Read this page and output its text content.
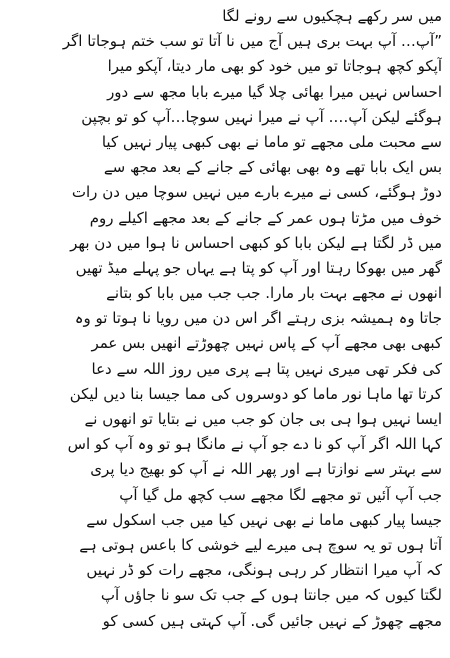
میں سر رکھے ہچکیوں سے رونے لگا
”آپ… آپ بہت بری ہیں آج میں نا آتا تو سب ختم ہوجاتا اگر
آپکو کچھ ہوجاتا تو میں خود کو بھی مار دیتا، آپکو میرا
احساس نہیں میرا بھائی چلا گیا میرے بابا مجھ سے دور
ہوگئے لیکن آپ…. آپ نے میرا نہیں سوچا…آپ کو تو بچپن
سے محبت ملی مجھے تو ماما نے بھی کبھی پیار نہیں کیا
بس ایک بابا تھے وہ بھی بھائی کے جانے کے بعد مجھ سے
دوڑ ہوگئے، کسی نے میرے بارے میں نہیں سوچا میں دن رات
خوف میں مڑتا ہوں عمر کے جانے کے بعد مجھے اکیلے روم
میں ڈر لگتا ہے لیکن بابا کو کبھی احساس نا ہوا میں دن بھر
گھر میں بھوکا رہتا اور آپ کو پتا ہے یہاں جو پہلے میڈ تھیں
انھوں نے مجھے بہت بار مارا. جب جب میں بابا کو بتانے
جاتا وہ ہمیشہ بزی رہتے اگر اس دن میں رویا نا ہوتا تو وہ
کبھی بھی مجھے آپ کے پاس نہیں چھوڑتے انھیں بس عمر
کی فکر تھی میری نہیں پتا ہے پری میں روز اللہ سے دعا
کرتا تھا ماہا نور ماما کو دوسروں کی مما جیسا بنا دیں لیکن
ایسا نہیں ہوا ہی بی جان کو جب میں نے بتایا تو انھوں نے
کہا اللہ اگر آپ کو نا دے جو آپ نے مانگا ہو تو وہ آپ کو اس
سے بہتر سے نوازتا ہے اور پھر اللہ نے آپ کو بھیج دیا پری
جب آپ آئیں تو مجھے لگا مجھے سب کچھ مل گیا آپ
جیسا پیار کبھی ماما نے بھی نہیں کیا میں جب اسکول سے
آتا ہوں تو یہ سوچ ہی میرے لیے خوشی کا باعس ہوتی ہے
کہ آپ میرا انتظار کر رہی ہونگی، مجھے رات کو ڈر نہیں
لگتا کیوں کہ میں جانتا ہوں کے جب تک سو نا جاؤں آپ
مجھے چھوڑ کے نہیں جائیں گی. آپ کہتی ہیں کسی کو
